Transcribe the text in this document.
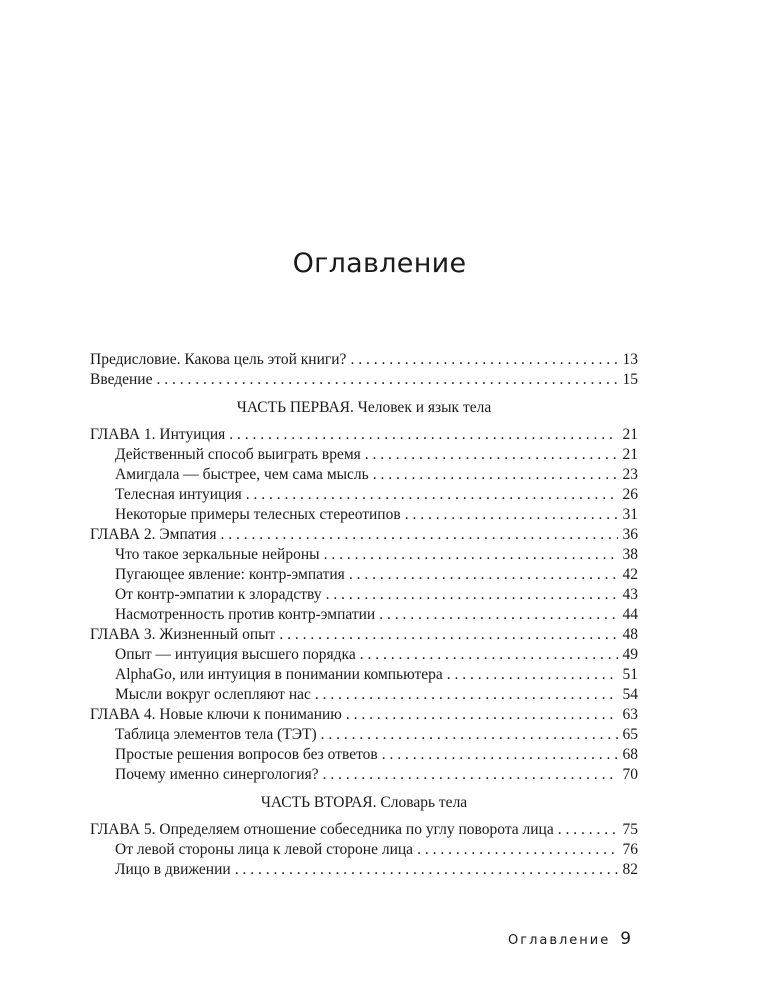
Оглавление
Предисловие. Какова цель этой книги? . . .	13
Введение . . .	15
ЧАСТЬ ПЕРВАЯ. Человек и язык тела
ГЛАВА 1. Интуиция . . .	21
Действенный способ выиграть время . . .	21
Амигдала — быстрее, чем сама мысль . . .	23
Телесная интуиция . . .	26
Некоторые примеры телесных стереотипов . . .	31
ГЛАВА 2. Эмпатия . . .	36
Что такое зеркальные нейроны . . .	38
Пугающее явление: контр-эмпатия . . .	42
От контр-эмпатии к злорадству . . .	43
Насмотренность против контр-эмпатии . . .	44
ГЛАВА 3. Жизненный опыт . . .	48
Опыт — интуиция высшего порядка . . .	49
AlphaGo, или интуиция в понимании компьютера . . .	51
Мысли вокруг ослепляют нас . . .	54
ГЛАВА 4. Новые ключи к пониманию . . .	63
Таблица элементов тела (ТЭТ) . . .	65
Простые решения вопросов без ответов . . .	68
Почему именно синергология? . . .	70
ЧАСТЬ ВТОРАЯ. Словарь тела
ГЛАВА 5. Определяем отношение собеседника по углу поворота лица . . .	75
От левой стороны лица к левой стороне лица . . .	76
Лицо в движении . . .	82
Оглавление 9
